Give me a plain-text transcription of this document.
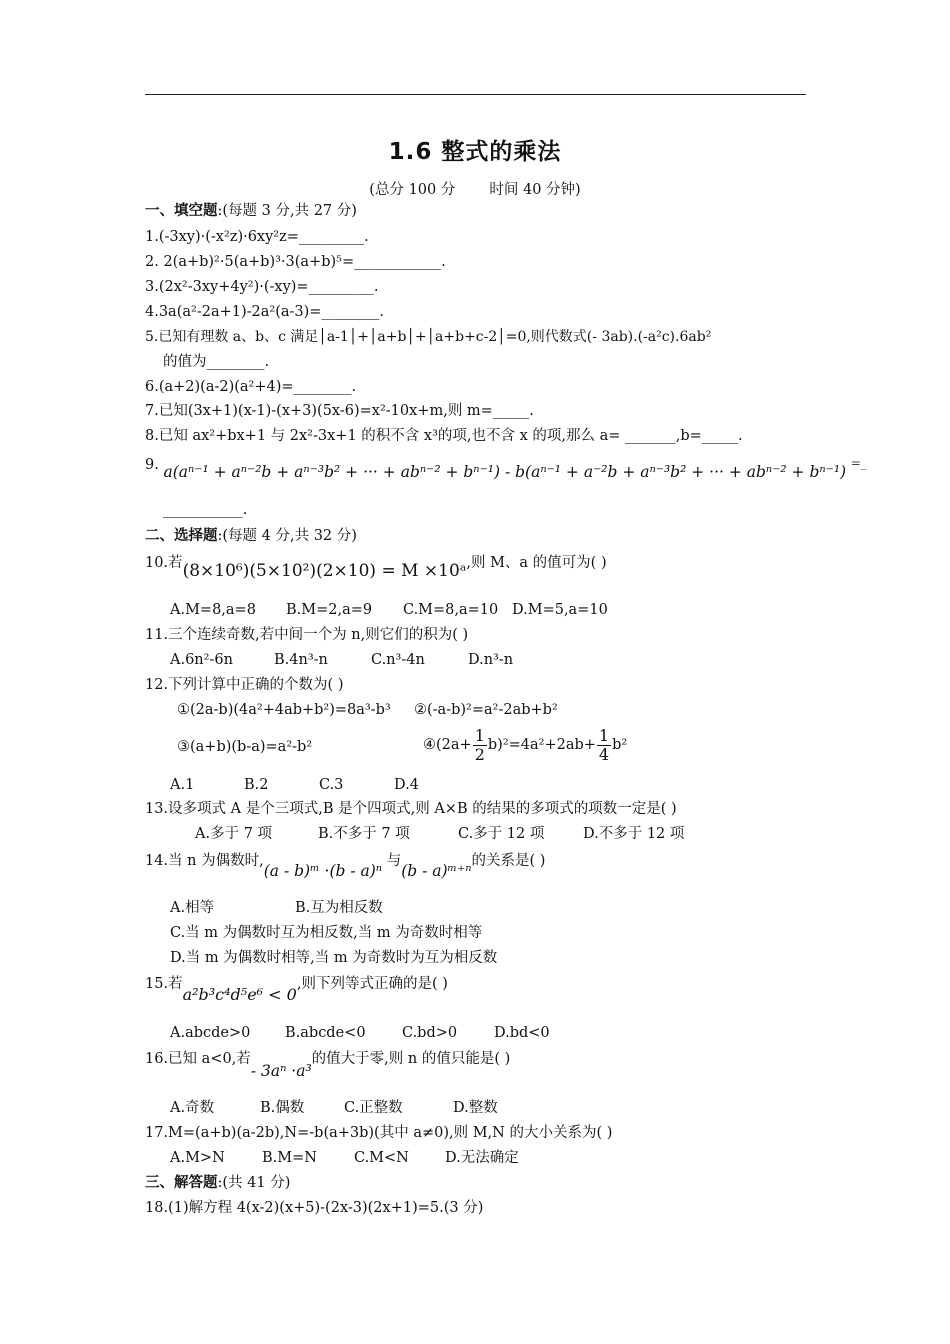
1.6 整式的乘法
(总分 100 分 时间 40 分钟)
一、填空题:(每题 3 分,共 27 分)
1.(-3xy)·(-x²z)·6xy²z=_________.
2. 2(a+b)²·5(a+b)³·3(a+b)⁵=____________.
3.(2x²-3xy+4y²)·(-xy)=_________.
4.3a(a²-2a+1)-2a²(a-3)=________.
5.已知有理数 a、b、c 满足│a-1│+│a+b│+│a+b+c-2│=0,则代数式(- 3ab).(-a²c).6ab²
的值为________.
6.(a+2)(a-2)(a²+4)=________.
7.已知(3x+1)(x-1)-(x+3)(5x-6)=x²-10x+m,则 m=_____.
8.已知 ax²+bx+1 与 2x²-3x+1 的积不含 x³的项,也不含 x 的项,那么 a= _______,b=_____.
9. a(aⁿ⁻¹ + aⁿ⁻²b + aⁿ⁻³b² + ··· + abⁿ⁻² + bⁿ⁻¹) - b(aⁿ⁻¹ + a⁻²b + aⁿ⁻³b² + ··· + abⁿ⁻² + bⁿ⁻¹) =_
___________.
二、选择题:(每题 4 分,共 32 分)
10.若(8×10⁶)(5×10²)(2×10) = M ×10ᵃ,则 M、a 的值可为( )
A.M=8,a=8 B.M=2,a=9 C.M=8,a=10 D.M=5,a=10
11.三个连续奇数,若中间一个为 n,则它们的积为( )
A.6n²-6n	B.4n³-n	C.n³-4n	D.n³-n
12.下列计算中正确的个数为( )
①(2a-b)(4a²+4ab+b²)=8a³-b³ ②(-a-b)²=a²-2ab+b²
③(a+b)(b-a)=a²-b²	④(2a+ $\frac{1}{2} b)^2=4a^2+2ab+ \frac{1}{4} b^2$
A.1	B.2	C.3	D.4
13.设多项式 A 是个三项式,B 是个四项式,则 A×B 的结果的多项式的项数一定是( )
A.多于 7 项	B.不多于 7 项	C.多于 12 项	D.不多于 12 项
14.当 n 为偶数时,(a - b)ᵐ ·(b - a)ⁿ 与(b - a)ᵐ⁺ⁿ的关系是( )
A.相等	B.互为相反数
C.当 m 为偶数时互为相反数,当 m 为奇数时相等
D.当 m 为偶数时相等,当 m 为奇数时为互为相反数
15.若a²b³c⁴d⁵e⁶ < 0,则下列等式正确的是( )
A.abcde>0 B.abcde<0	C.bd>0	D.bd<0
16.已知 a<0,若- 3aⁿ ·a³的值大于零,则 n 的值只能是( )
A.奇数	B.偶数	C.正整数	D.整数
17.M=(a+b)(a-2b),N=-b(a+3b)(其中 a≠0),则 M,N 的大小关系为( )
A.M>N	B.M=N	C.M<N D.无法确定
三、解答题:(共 41 分)
18.(1)解方程 4(x-2)(x+5)-(2x-3)(2x+1)=5.(3 分)
